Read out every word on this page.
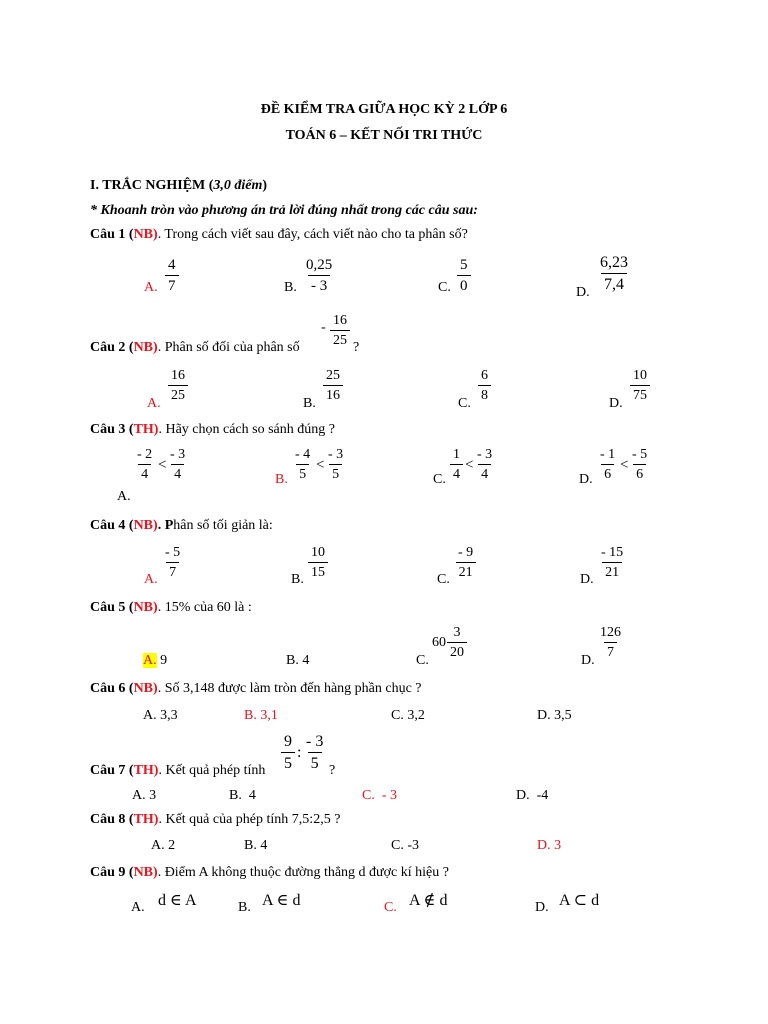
ĐỀ KIỂM TRA GIỮA HỌC KỲ 2 LỚP 6
TOÁN 6 – KẾT NỐI TRI THỨC
I. TRẮC NGHIỆM (3,0 điểm)
* Khoanh tròn vào phương án trả lời đúng nhất trong các câu sau:
Câu 1 (NB). Trong cách viết sau đây, cách viết nào cho ta phân số?
A. $\frac{4}{7}$	B. $\frac{0,25}{- 3}$	C. $\frac{5}{0}$	D. $\frac{6,23}{7,4}$
Câu 2 (NB). Phân số đối của phân số
- $\frac{16}{25}$ ?
A.
$\frac{16}{25}$
B.
$\frac{25}{16}$
C.
$\frac{6}{8}$
D.
$\frac{10}{75}$
Câu 3 (TH). Hãy chọn cách so sánh đúng ?
$\frac{- 2}{4} < \frac{- 3}{4}$
A.
B. $\frac{- 4}{5} < \frac{- 3}{5}$	C. $\frac{1}{4} < \frac{- 3}{4}$	D. $\frac{- 1}{6} < \frac{- 5}{6}$
Câu 4 (NB). Phân số tối giản là:
A. $\frac{- 5}{7}$	B. $\frac{10}{15}$	C. $\frac{- 9}{21}$	D. $\frac{- 15}{21}$
Câu 5 (NB). 15% của 60 là :
A. 9	B. 4	C.
$60 \frac{3}{20}$
D.
$\frac{126}{7}$
Câu 6 (NB). Số 3,148 được làm tròn đến hàng phần chục ?
A. 3,3	B. 3,1	C. 3,2	D. 3,5
Câu 7 (TH). Kết quả phép tính $\frac{9}{5}$ : $\frac{- 3}{5}$ ?
A. 3	B. 4	C. - 3	D. -4
Câu 8 (TH). Kết quả của phép tính 7,5:2,5 ?
A. 2	B. 4	C. -3	D. 3
Câu 9 (NB). Điểm A không thuộc đường thẳng d được kí hiệu ?
A. d ∈ A	B. A ∈ d	C. A ∉ d	D. A ⊂ d
